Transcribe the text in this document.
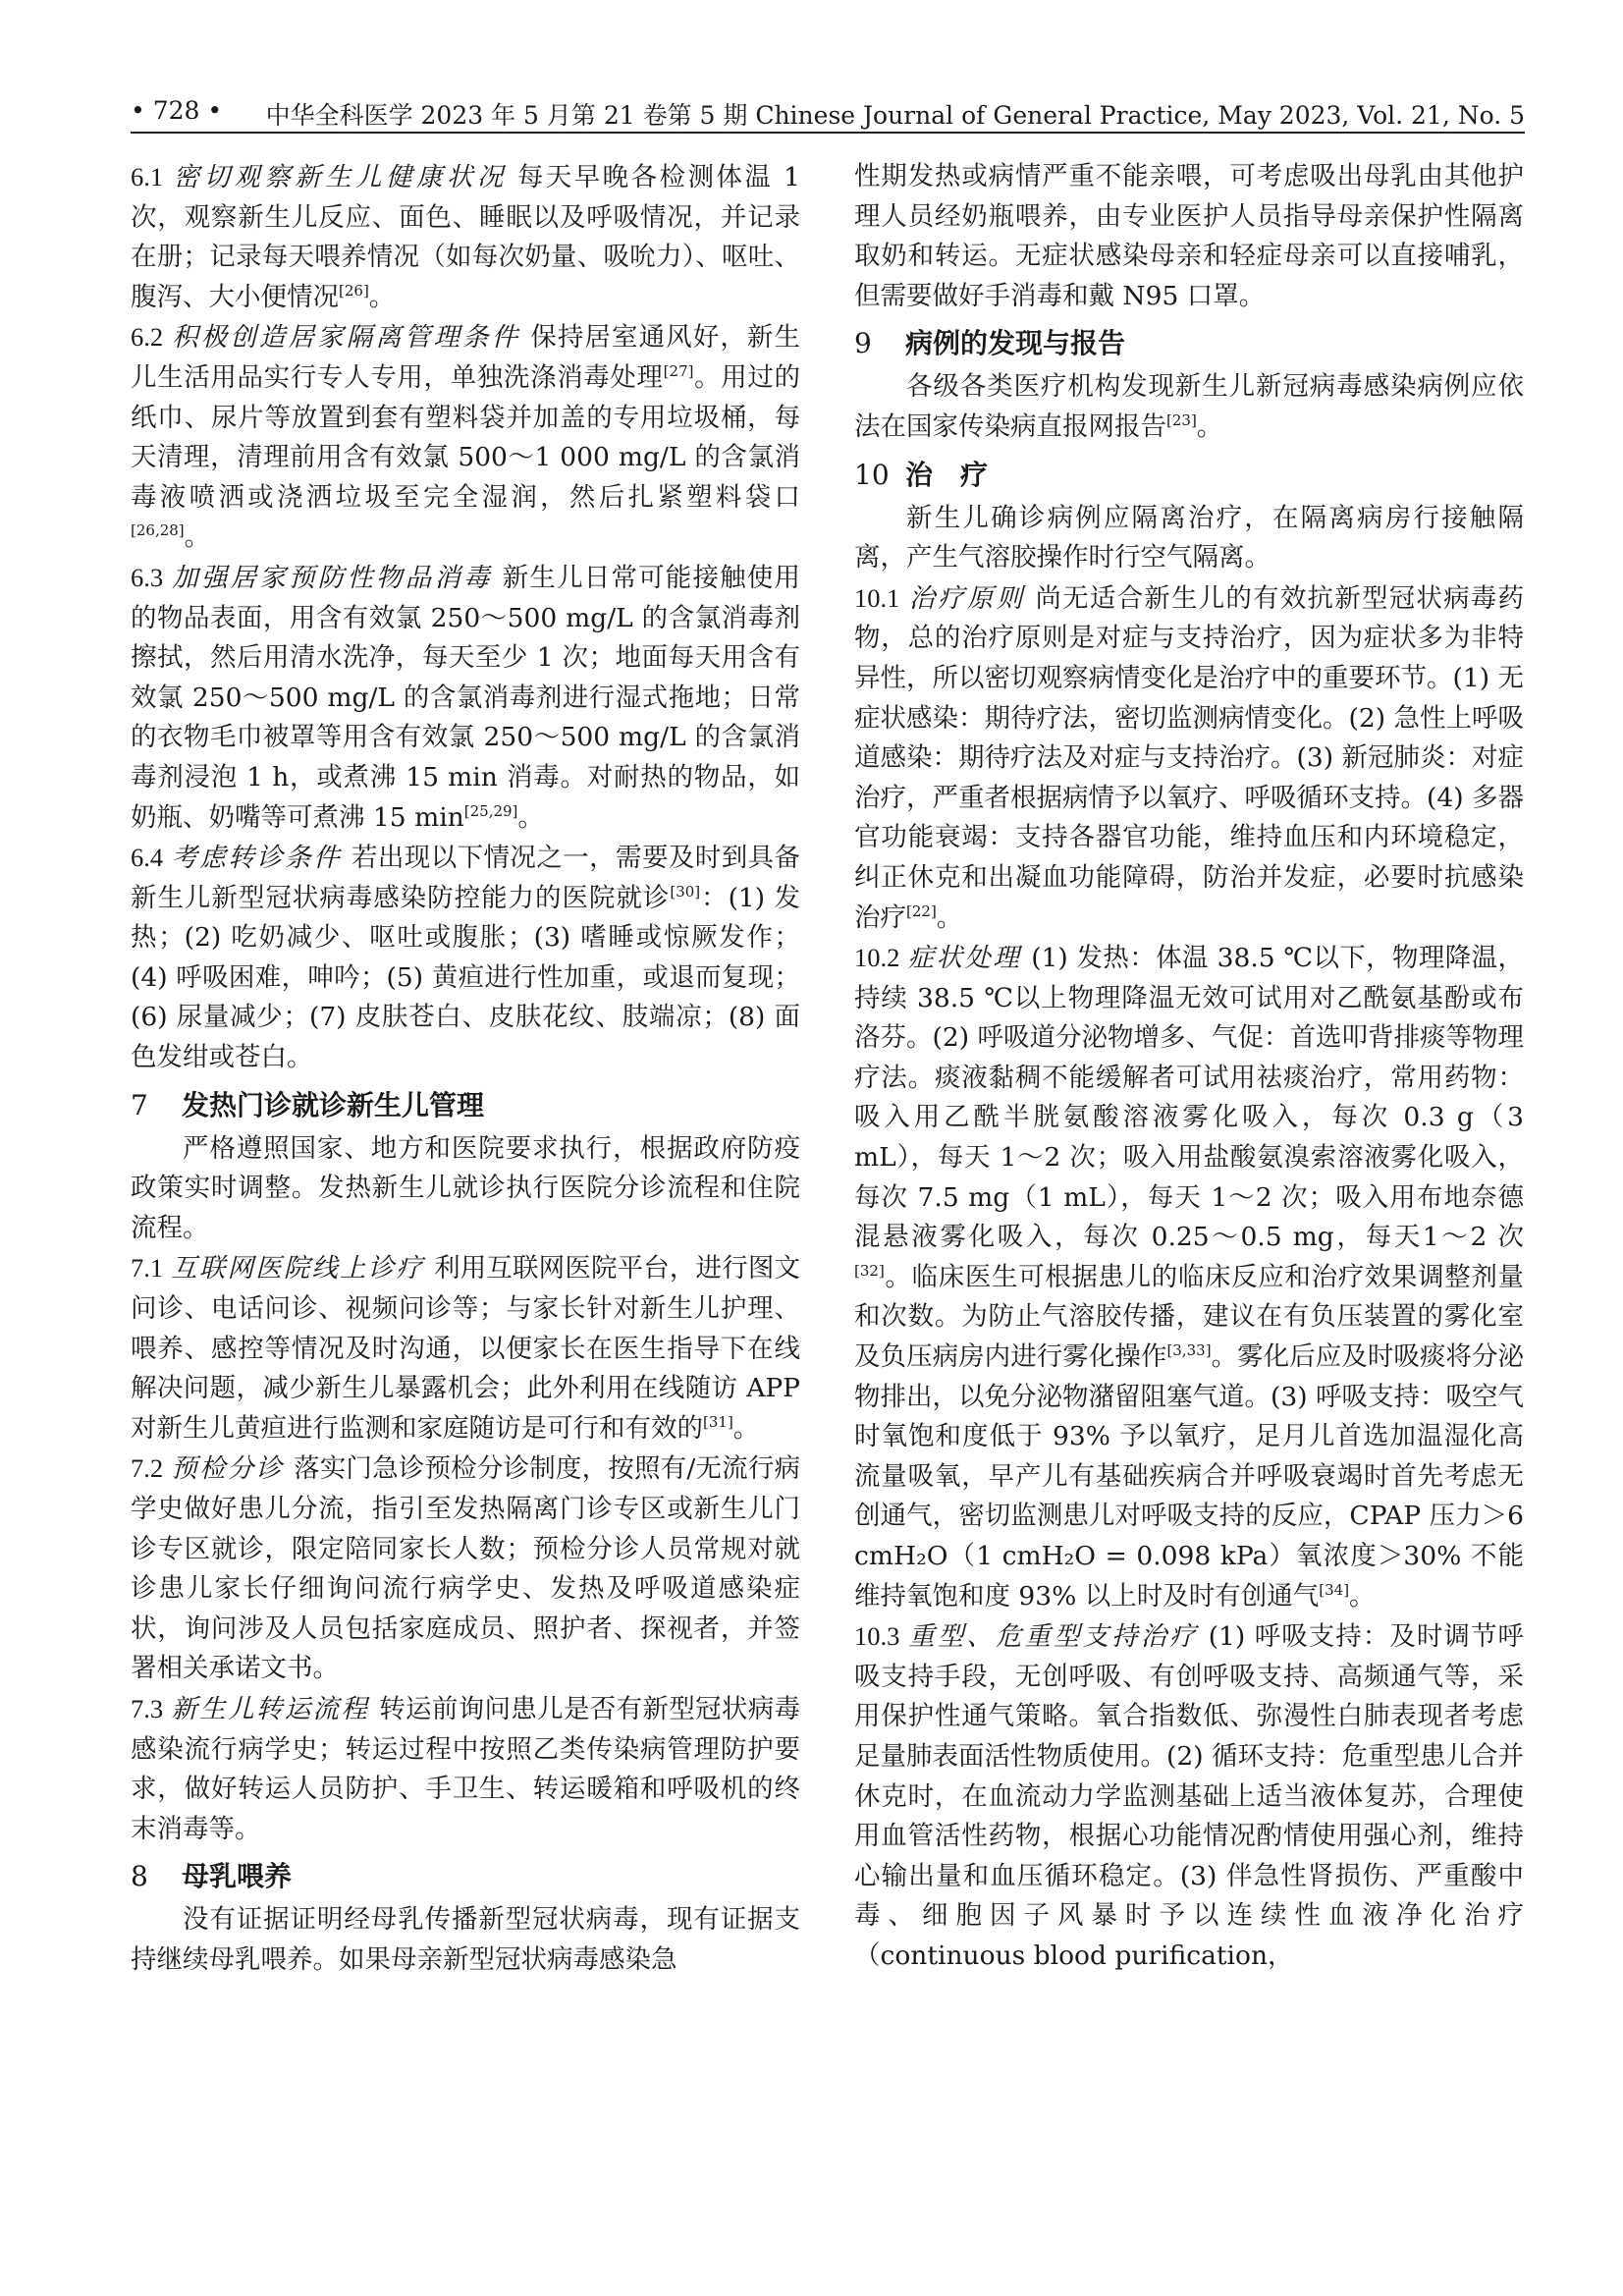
• 728 • 中华全科医学 2023 年 5 月第 21 卷第 5 期 Chinese Journal of General Practice, May 2023, Vol. 21, No. 5

6.1 密切观察新生儿健康状况 每天早晚各检测体温 1 次，观察新生儿反应、面色、睡眠以及呼吸情况，并记录在册；记录每天喂养情况（如每次奶量、吸吮力）、呕吐、腹泻、大小便情况[26]。

6.2 积极创造居家隔离管理条件 保持居室通风好，新生儿生活用品实行专人专用，单独洗涤消毒处理[27]。用过的纸巾、尿片等放置到套有塑料袋并加盖的专用垃圾桶，每天清理，清理前用含有效氯 500～1 000 mg/L 的含氯消毒液喷洒或浇洒垃圾至完全湿润，然后扎紧塑料袋口[26,28]。

6.3 加强居家预防性物品消毒 新生儿日常可能接触使用的物品表面，用含有效氯 250～500 mg/L 的含氯消毒剂擦拭，然后用清水洗净，每天至少 1 次；地面每天用含有效氯 250～500 mg/L 的含氯消毒剂进行湿式拖地；日常的衣物毛巾被罩等用含有效氯 250～500 mg/L 的含氯消毒剂浸泡 1 h，或煮沸 15 min 消毒。对耐热的物品，如奶瓶、奶嘴等可煮沸 15 min[25,29]。

6.4 考虑转诊条件 若出现以下情况之一，需要及时到具备新生儿新型冠状病毒感染防控能力的医院就诊[30]：(1) 发热；(2) 吃奶减少、呕吐或腹胀；(3) 嗜睡或惊厥发作；(4) 呼吸困难，呻吟；(5) 黄疸进行性加重，或退而复现；(6) 尿量减少；(7) 皮肤苍白、皮肤花纹、肢端凉；(8) 面色发绀或苍白。

7 发热门诊就诊新生儿管理

严格遵照国家、地方和医院要求执行，根据政府防疫政策实时调整。发热新生儿就诊执行医院分诊流程和住院流程。

7.1 互联网医院线上诊疗 利用互联网医院平台，进行图文问诊、电话问诊、视频问诊等；与家长针对新生儿护理、喂养、感控等情况及时沟通，以便家长在医生指导下在线解决问题，减少新生儿暴露机会；此外利用在线随访 APP 对新生儿黄疸进行监测和家庭随访是可行和有效的[31]。

7.2 预检分诊 落实门急诊预检分诊制度，按照有/无流行病学史做好患儿分流，指引至发热隔离门诊专区或新生儿门诊专区就诊，限定陪同家长人数；预检分诊人员常规对就诊患儿家长仔细询问流行病学史、发热及呼吸道感染症状，询问涉及人员包括家庭成员、照护者、探视者，并签署相关承诺文书。

7.3 新生儿转运流程 转运前询问患儿是否有新型冠状病毒感染流行病学史；转运过程中按照乙类传染病管理防护要求，做好转运人员防护、手卫生、转运暖箱和呼吸机的终末消毒等。

8 母乳喂养

没有证据证明经母乳传播新型冠状病毒，现有证据支持继续母乳喂养。如果母亲新型冠状病毒感染急

性期发热或病情严重不能亲喂，可考虑吸出母乳由其他护理人员经奶瓶喂养，由专业医护人员指导母亲保护性隔离取奶和转运。无症状感染母亲和轻症母亲可以直接哺乳，但需要做好手消毒和戴 N95 口罩。

9 病例的发现与报告

各级各类医疗机构发现新生儿新冠病毒感染病例应依法在国家传染病直报网报告[23]。

10 治　疗

新生儿确诊病例应隔离治疗，在隔离病房行接触隔离，产生气溶胶操作时行空气隔离。

10.1 治疗原则 尚无适合新生儿的有效抗新型冠状病毒药物，总的治疗原则是对症与支持治疗，因为症状多为非特异性，所以密切观察病情变化是治疗中的重要环节。(1) 无症状感染：期待疗法，密切监测病情变化。(2) 急性上呼吸道感染：期待疗法及对症与支持治疗。(3) 新冠肺炎：对症治疗，严重者根据病情予以氧疗、呼吸循环支持。(4) 多器官功能衰竭：支持各器官功能，维持血压和内环境稳定，纠正休克和出凝血功能障碍，防治并发症，必要时抗感染治疗[22]。

10.2 症状处理 (1) 发热：体温 38.5 ℃以下，物理降温，持续 38.5 ℃以上物理降温无效可试用对乙酰氨基酚或布洛芬。(2) 呼吸道分泌物增多、气促：首选叩背排痰等物理疗法。痰液黏稠不能缓解者可试用祛痰治疗，常用药物：吸入用乙酰半胱氨酸溶液雾化吸入，每次 0.3 g（3 mL），每天 1～2 次；吸入用盐酸氨溴索溶液雾化吸入，每次 7.5 mg（1 mL），每天 1～2 次；吸入用布地奈德混悬液雾化吸入，每次 0.25～0.5 mg，每天1～2 次[32]。临床医生可根据患儿的临床反应和治疗效果调整剂量和次数。为防止气溶胶传播，建议在有负压装置的雾化室及负压病房内进行雾化操作[3,33]。雾化后应及时吸痰将分泌物排出，以免分泌物潴留阻塞气道。(3) 呼吸支持：吸空气时氧饱和度低于 93% 予以氧疗，足月儿首选加温湿化高流量吸氧，早产儿有基础疾病合并呼吸衰竭时首先考虑无创通气，密切监测患儿对呼吸支持的反应，CPAP 压力＞6 cmH₂O（1 cmH₂O = 0.098 kPa）氧浓度＞30% 不能维持氧饱和度 93% 以上时及时有创通气[34]。

10.3 重型、危重型支持治疗 (1) 呼吸支持：及时调节呼吸支持手段，无创呼吸、有创呼吸支持、高频通气等，采用保护性通气策略。氧合指数低、弥漫性白肺表现者考虑足量肺表面活性物质使用。(2) 循环支持：危重型患儿合并休克时，在血流动力学监测基础上适当液体复苏，合理使用血管活性药物，根据心功能情况酌情使用强心剂，维持心输出量和血压循环稳定。(3) 伴急性肾损伤、严重酸中毒、细胞因子风暴时予以连续性血液净化治疗（continuous blood purification，
